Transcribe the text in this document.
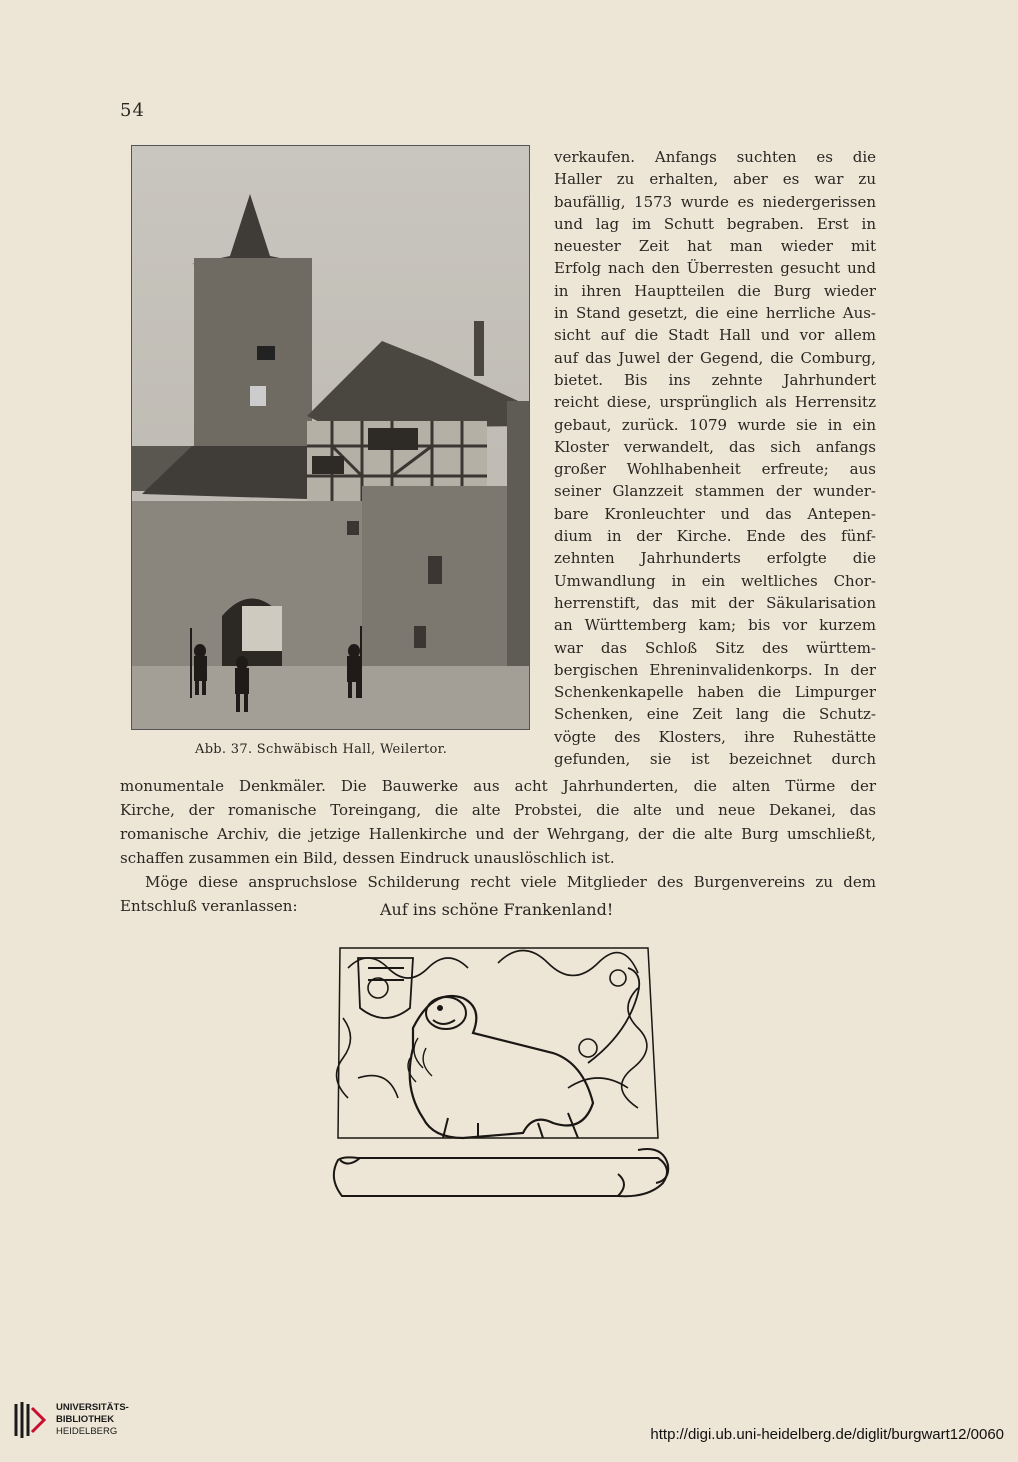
54
Abb. 37. Schwäbisch Hall, Weilertor.
verkaufen. Anfangs suchten es die
Haller zu erhalten, aber es war zu
baufällig, 1573 wurde es niedergerissen
und lag im Schutt begraben. Erst in
neuester Zeit hat man wieder mit
Erfolg nach den Überresten gesucht und
in ihren Hauptteilen die Burg wieder
in Stand gesetzt, die eine herrliche Aus-
sicht auf die Stadt Hall und vor allem
auf das Juwel der Gegend, die Comburg,
bietet. Bis ins zehnte Jahrhundert
reicht diese, ursprünglich als Herrensitz
gebaut, zurück. 1079 wurde sie in ein
Kloster verwandelt, das sich anfangs
großer Wohlhabenheit erfreute; aus
seiner Glanzzeit stammen der wunder-
bare Kronleuchter und das Antepen-
dium in der Kirche. Ende des fünf-
zehnten Jahrhunderts erfolgte die
Umwandlung in ein weltliches Chor-
herrenstift, das mit der Säkularisation
an Württemberg kam; bis vor kurzem
war das Schloß Sitz des württem-
bergischen Ehreninvalidenkorps. In der
Schenkenkapelle haben die Limpurger
Schenken, eine Zeit lang die Schutz-
vögte des Klosters, ihre Ruhestätte
gefunden, sie ist bezeichnet durch
monumentale Denkmäler. Die Bauwerke aus acht Jahrhunderten, die alten Türme der
Kirche, der romanische Toreingang, die alte Probstei, die alte und neue Dekanei, das
romanische Archiv, die jetzige Hallenkirche und der Wehrgang, der die alte Burg umschließt,
schaffen zusammen ein Bild, dessen Eindruck unauslöschlich ist.
Möge diese anspruchslose Schilderung recht viele Mitglieder des Burgenvereins zu dem
Entschluß veranlassen:	Auf ins schöne Frankenland!
UNIVERSITÄTS-
BIBLIOTHEK
HEIDELBERG	http://digi.ub.uni-heidelberg.de/diglit/burgwart12/0060
